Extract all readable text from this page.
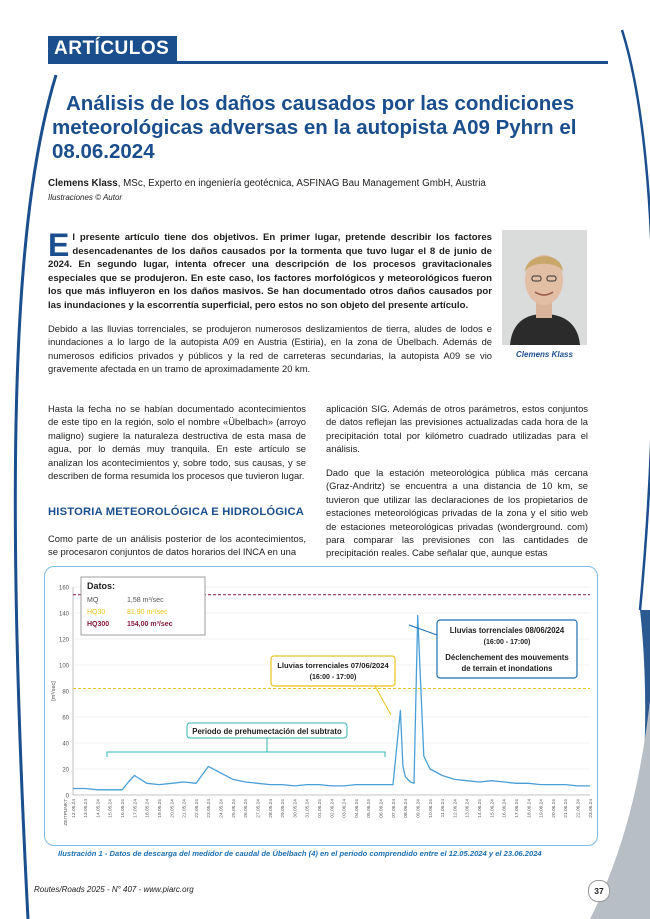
ARTÍCULOS
Análisis de los daños causados por las condiciones meteorológicas adversas en la autopista A09 Pyhrn el 08.06.2024
Clemens Klass, MSc, Experto en ingeniería geotécnica, ASFINAG Bau Management GmbH, Austria
Ilustraciones © Autor
El presente artículo tiene dos objetivos. En primer lugar, pretende describir los factores desencadenantes de los daños causados por la tormenta que tuvo lugar el 8 de junio de 2024. En segundo lugar, intenta ofrecer una descripción de los procesos gravitacionales especiales que se produjeron. En este caso, los factores morfológicos y meteorológicos fueron los que más influyeron en los daños masivos. Se han documentado otros daños causados por las inundaciones y la escorrentía superficial, pero estos no son objeto del presente artículo.
Debido a las lluvias torrenciales, se produjeron numerosos deslizamientos de tierra, aludes de lodos e inundaciones a lo largo de la autopista A09 en Austria (Estiria), en la zona de Übelbach. Además de numerosos edificios privados y públicos y la red de carreteras secundarias, la autopista A09 se vio gravemente afectada en un tramo de aproximadamente 20 km.
Clemens Klass
Hasta la fecha no se habían documentado acontecimientos de este tipo en la región, solo el nombre «Übelbach» (arroyo maligno) sugiere la naturaleza destructiva de esta masa de agua, por lo demás muy tranquila. En este artículo se analizan los acontecimientos y, sobre todo, sus causas, y se describen de forma resumida los procesos que tuvieron lugar.
HISTORIA METEOROLÓGICA E HIDROLÓGICA
Como parte de un análisis posterior de los acontecimientos, se procesaron conjuntos de datos horarios del INCA en una
aplicación SIG. Además de otros parámetros, estos conjuntos de datos reflejan las previsiones actualizadas cada hora de la precipitación total por kilómetro cuadrado utilizadas para el análisis.
Dado que la estación meteorológica pública más cercana (Graz-Andritz) se encuentra a una distancia de 10 km, se tuvieron que utilizar las declaraciones de los propietarios de estaciones meteorológicas privadas de la zona y el sitio web de estaciones meteorológicas privadas (wonderground. com) para comparar las previsiones con las cantidades de precipitación reales. Cabe señalar que, aunque estas
0
20
40
60
80
100
120
140
160
[m³/sec]
ZEITPUNKT 12.05.24 13.05.24 14.05.24 15.05.24 16.05.24 17.05.24 18.05.24 19.05.24 20.05.24 21.05.24 22.05.24 23.05.24 24.05.24 25.05.24 26.05.24 27.05.24 28.05.24 29.05.24 30.05.24 31.05.24 01.06.24 02.06.24 03.06.24 04.06.24 05.06.24 06.06.24 07.06.24 08.06.24 09.06.24 10.06.24 11.06.24 12.06.24 13.06.24 14.06.24 15.06.24 16.06.24 17.06.24 18.06.24 19.06.24 20.06.24 21.06.24 22.06.24 23.06.24
Datos:
MQ	1,58 m³/sec
HQ30	81,90 m³/sec
HQ300	154,00 m³/sec
Periodo de prehumectación del subtrato
Lluvias torrenciales 07/06/2024
(16:00 - 17:00)
Lluvias torrenciales 08/06/2024
(16:00 - 17:00)
Déclenchement des mouvements
de terrain et inondations
Ilustración 1 - Datos de descarga del medidor de caudal de Übelbach (4) en el periodo comprendido entre el 12.05.2024 y el 23.06.2024
Routes/Roads 2025 - N° 407 - www.piarc.org	37
